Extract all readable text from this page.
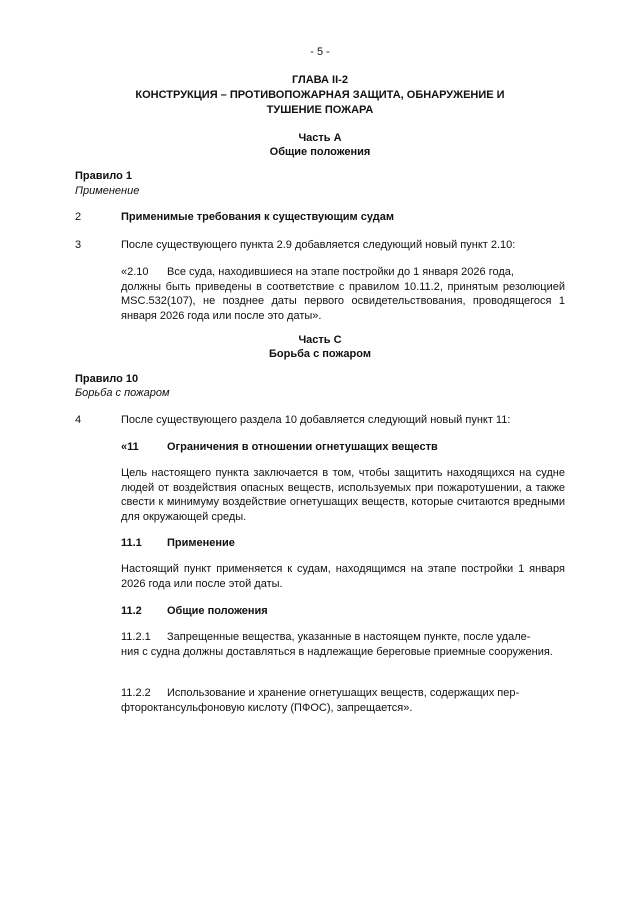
- 5 -
ГЛАВА II-2
КОНСТРУКЦИЯ – ПРОТИВОПОЖАРНАЯ ЗАЩИТА, ОБНАРУЖЕНИЕ И
ТУШЕНИЕ ПОЖАРА
Часть A
Общие положения
Правило 1
Применение
2	Применимые требования к существующим судам
3	После существующего пункта 2.9 добавляется следующий новый пункт 2.10:
«2.10 Все суда, находившиеся на этапе постройки до 1 января 2026 года,
должны быть приведены в соответствие с правилом 10.11.2, принятым резолюцией MSC.532(107), не позднее даты первого освидетельствования, проводящегося 1 января 2026 года или после это даты».
Часть C
Борьба с пожаром
Правило 10
Борьба с пожаром
4	После существующего раздела 10 добавляется следующий новый пункт 11:
«11	Ограничения в отношении огнетушащих веществ
Цель настоящего пункта заключается в том, чтобы защитить находящихся на судне людей от воздействия опасных веществ, используемых при пожаротушении, а также свести к минимуму воздействие огнетушащих веществ, которые считаются вредными для окружающей среды.
11.1 Применение
Настоящий пункт применяется к судам, находящимся на этапе постройки 1 января 2026 года или после этой даты.
11.2 Общие положения
11.2.1 Запрещенные вещества, указанные в настоящем пункте, после удале-
ния с судна должны доставляться в надлежащие береговые приемные сооружения.
11.2.2 Использование и хранение огнетушащих веществ, содержащих пер-
фтороктансульфоновую кислоту (ПФОС), запрещается».
